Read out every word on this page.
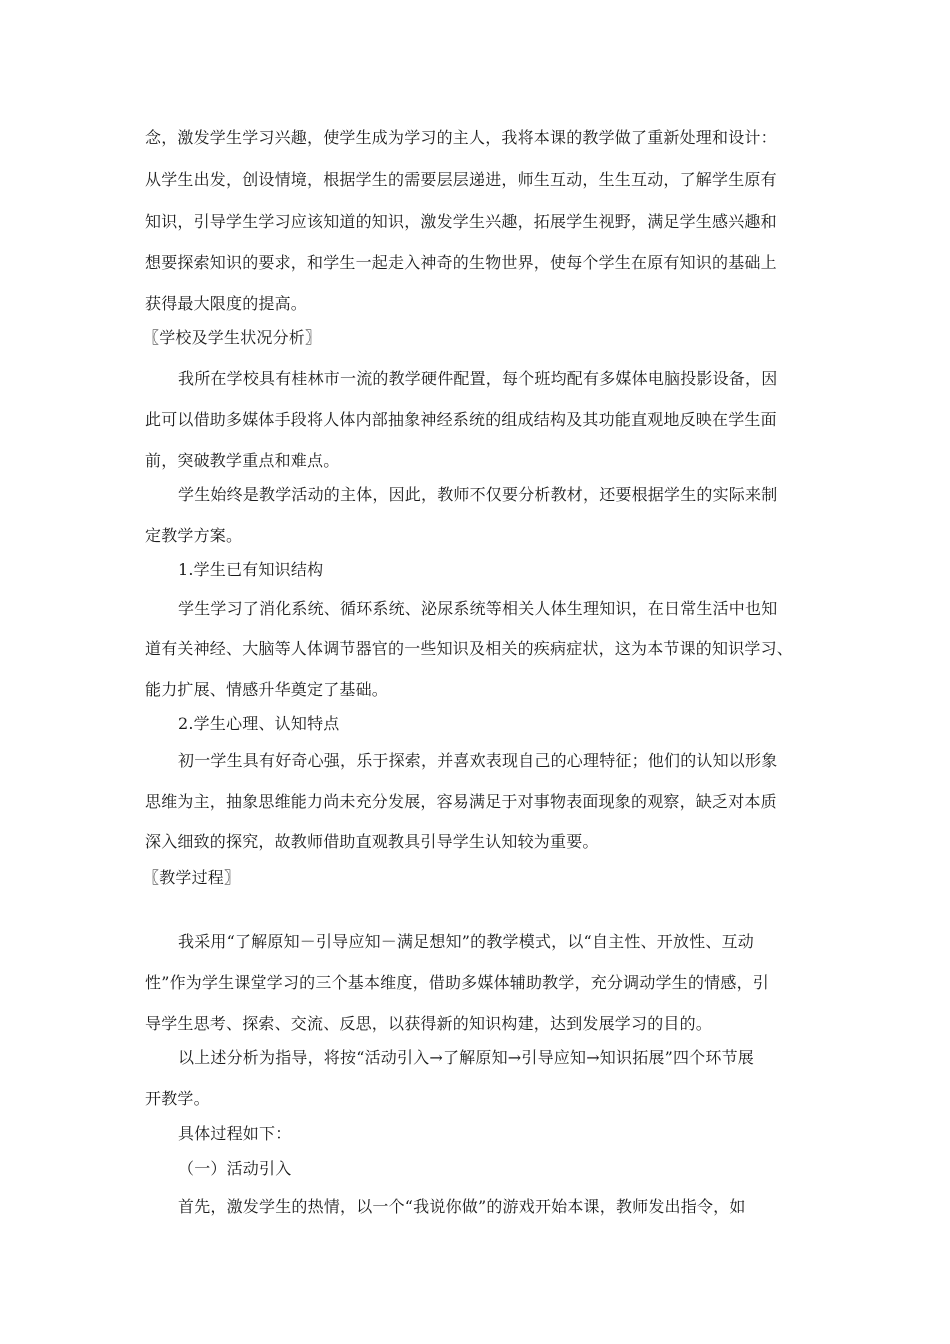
念，激发学生学习兴趣，使学生成为学习的主人，我将本课的教学做了重新处理和设计：
从学生出发，创设情境，根据学生的需要层层递进，师生互动，生生互动，了解学生原有
知识，引导学生学习应该知道的知识，激发学生兴趣，拓展学生视野，满足学生感兴趣和
想要探索知识的要求，和学生一起走入神奇的生物世界，使每个学生在原有知识的基础上
获得最大限度的提高。
〖学校及学生状况分析〗
我所在学校具有桂林市一流的教学硬件配置，每个班均配有多媒体电脑投影设备，因
此可以借助多媒体手段将人体内部抽象神经系统的组成结构及其功能直观地反映在学生面
前，突破教学重点和难点。
学生始终是教学活动的主体，因此，教师不仅要分析教材，还要根据学生的实际来制
定教学方案。
1.学生已有知识结构
学生学习了消化系统、循环系统、泌尿系统等相关人体生理知识，在日常生活中也知
道有关神经、大脑等人体调节器官的一些知识及相关的疾病症状，这为本节课的知识学习、
能力扩展、情感升华奠定了基础。
2.学生心理、认知特点
初一学生具有好奇心强，乐于探索，并喜欢表现自己的心理特征；他们的认知以形象
思维为主，抽象思维能力尚未充分发展，容易满足于对事物表面现象的观察，缺乏对本质
深入细致的探究，故教师借助直观教具引导学生认知较为重要。
〖教学过程〗
我采用“了解原知－引导应知－满足想知”的教学模式，以“自主性、开放性、互动
性”作为学生课堂学习的三个基本维度，借助多媒体辅助教学，充分调动学生的情感，引
导学生思考、探索、交流、反思，以获得新的知识构建，达到发展学习的目的。
以上述分析为指导，将按“活动引入→了解原知→引导应知→知识拓展”四个环节展
开教学。
具体过程如下：
（一）活动引入
首先，激发学生的热情，以一个“我说你做”的游戏开始本课，教师发出指令，如
